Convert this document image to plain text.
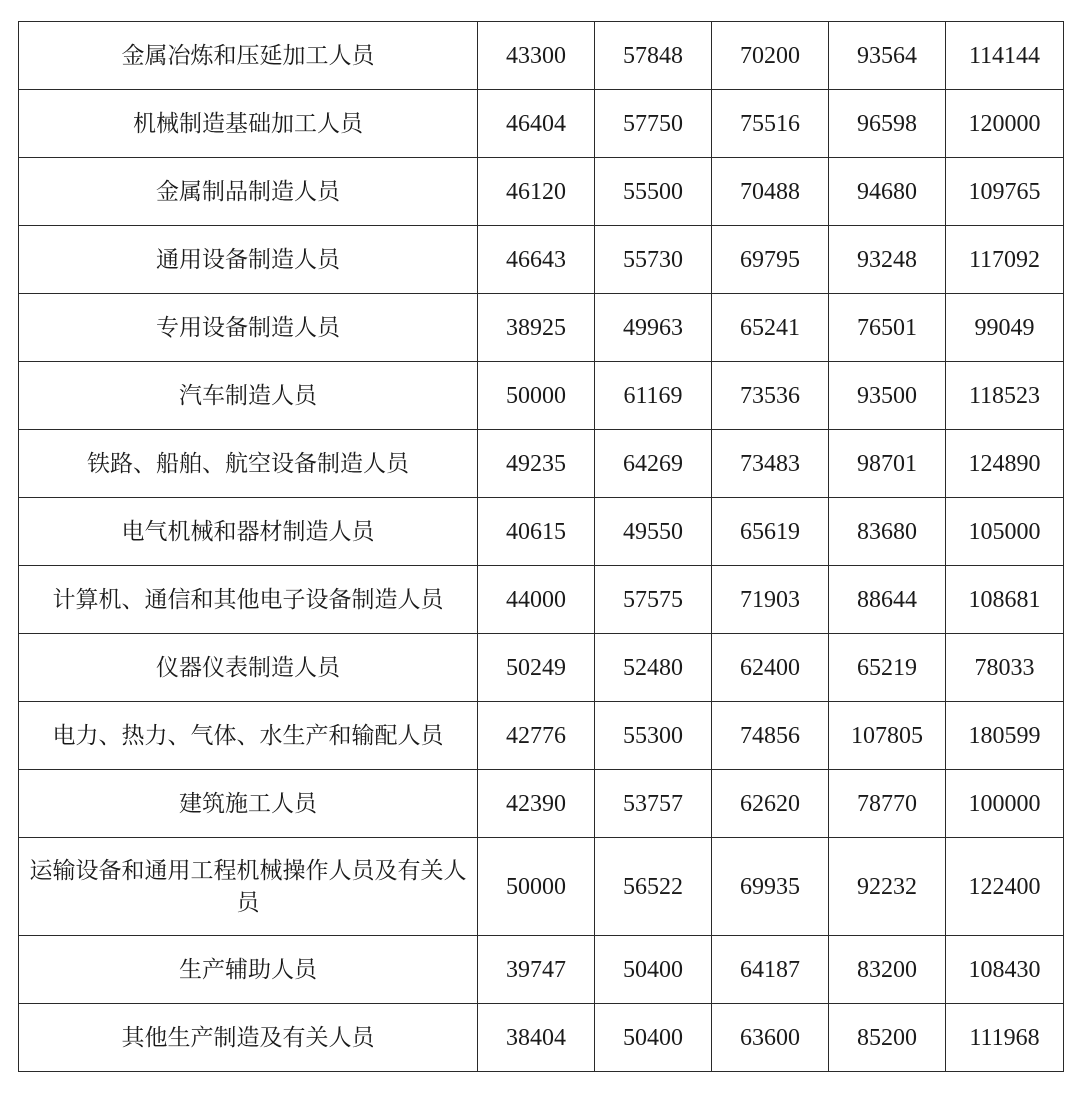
金属冶炼和压延加工人员	43300	57848	70200	93564	114144
机械制造基础加工人员	46404	57750	75516	96598	120000
金属制品制造人员	46120	55500	70488	94680	109765
通用设备制造人员	46643	55730	69795	93248	117092
专用设备制造人员	38925	49963	65241	76501	99049
汽车制造人员	50000	61169	73536	93500	118523
铁路、船舶、航空设备制造人员	49235	64269	73483	98701	124890
电气机械和器材制造人员	40615	49550	65619	83680	105000
计算机、通信和其他电子设备制造人员	44000	57575	71903	88644	108681
仪器仪表制造人员	50249	52480	62400	65219	78033
电力、热力、气体、水生产和输配人员	42776	55300	74856	107805	180599
建筑施工人员	42390	53757	62620	78770	100000
运输设备和通用工程机械操作人员及有关人员	50000	56522	69935	92232	122400
生产辅助人员	39747	50400	64187	83200	108430
其他生产制造及有关人员	38404	50400	63600	85200	111968
